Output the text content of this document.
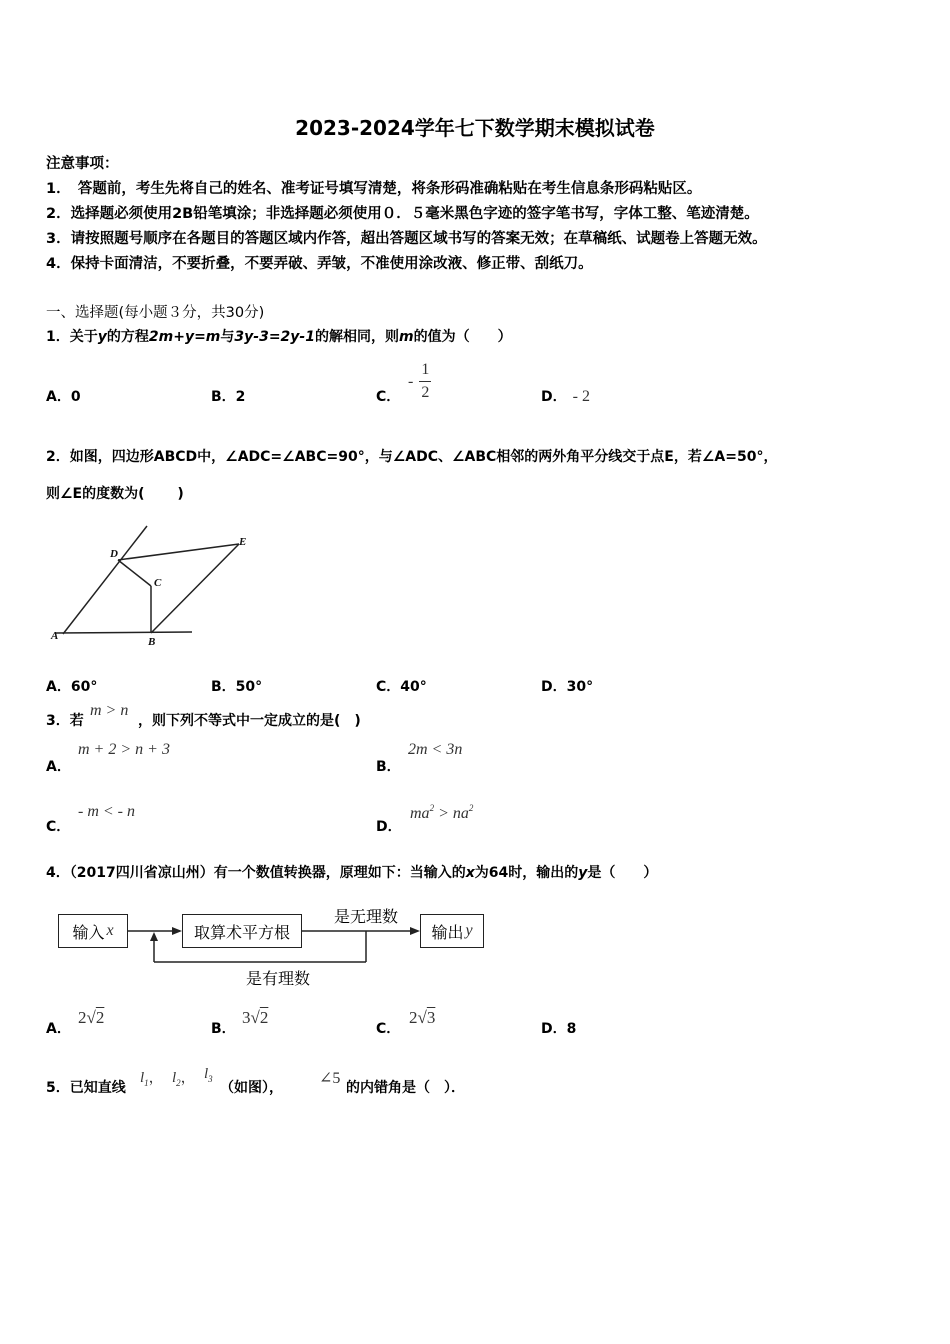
2023-2024学年七下数学期末模拟试卷
注意事项：
1．　答题前，考生先将自己的姓名、准考证号填写清楚，将条形码准确粘贴在考生信息条形码粘贴区。
2．选择题必须使用2B铅笔填涂；非选择题必须使用０．５毫米黑色字迹的签字笔书写，字体工整、笔迹清楚。
3．请按照题号顺序在各题目的答题区域内作答，超出答题区域书写的答案无效；在草稿纸、试题卷上答题无效。
4．保持卡面清洁，不要折叠，不要弄破、弄皱，不准使用涂改液、修正带、刮纸刀。
一、选择题(每小题３分，共30分)
1．关于y的方程2m+y=m与3y-3=2y-1的解相同，则m的值为（　　）
A．0	B．2	C．
- $\frac{1}{2}$	D． - 2
2．如图，四边形ABCD中，∠ADC=∠ABC=90°，与∠ADC、∠ABC相邻的两外角平分线交于点E，若∠A=50°，
则∠E的度数为(　　 )
A	B
C
D
E
A．60°	B．50°	C．40°	D．30°
3．若
m > n
，则下列不等式中一定成立的是(　)
A．
m + 2 > n + 3
B．
2m < 3n
C．
- m < - n
D．
$ma^2 > na^2$
4．（2017四川省凉山州）有一个数值转换器，原理如下：当输入的x为64时，输出的y是（　　）
输入 x	取算术平方根
是无理数
输出 y
是有理数
A．
2√2
B．
3√2
C．
2√3
D．8
5．已知直线
$l_1$， $l_2$， $l_3$
（如图），
∠5
的内错角是（　）．
